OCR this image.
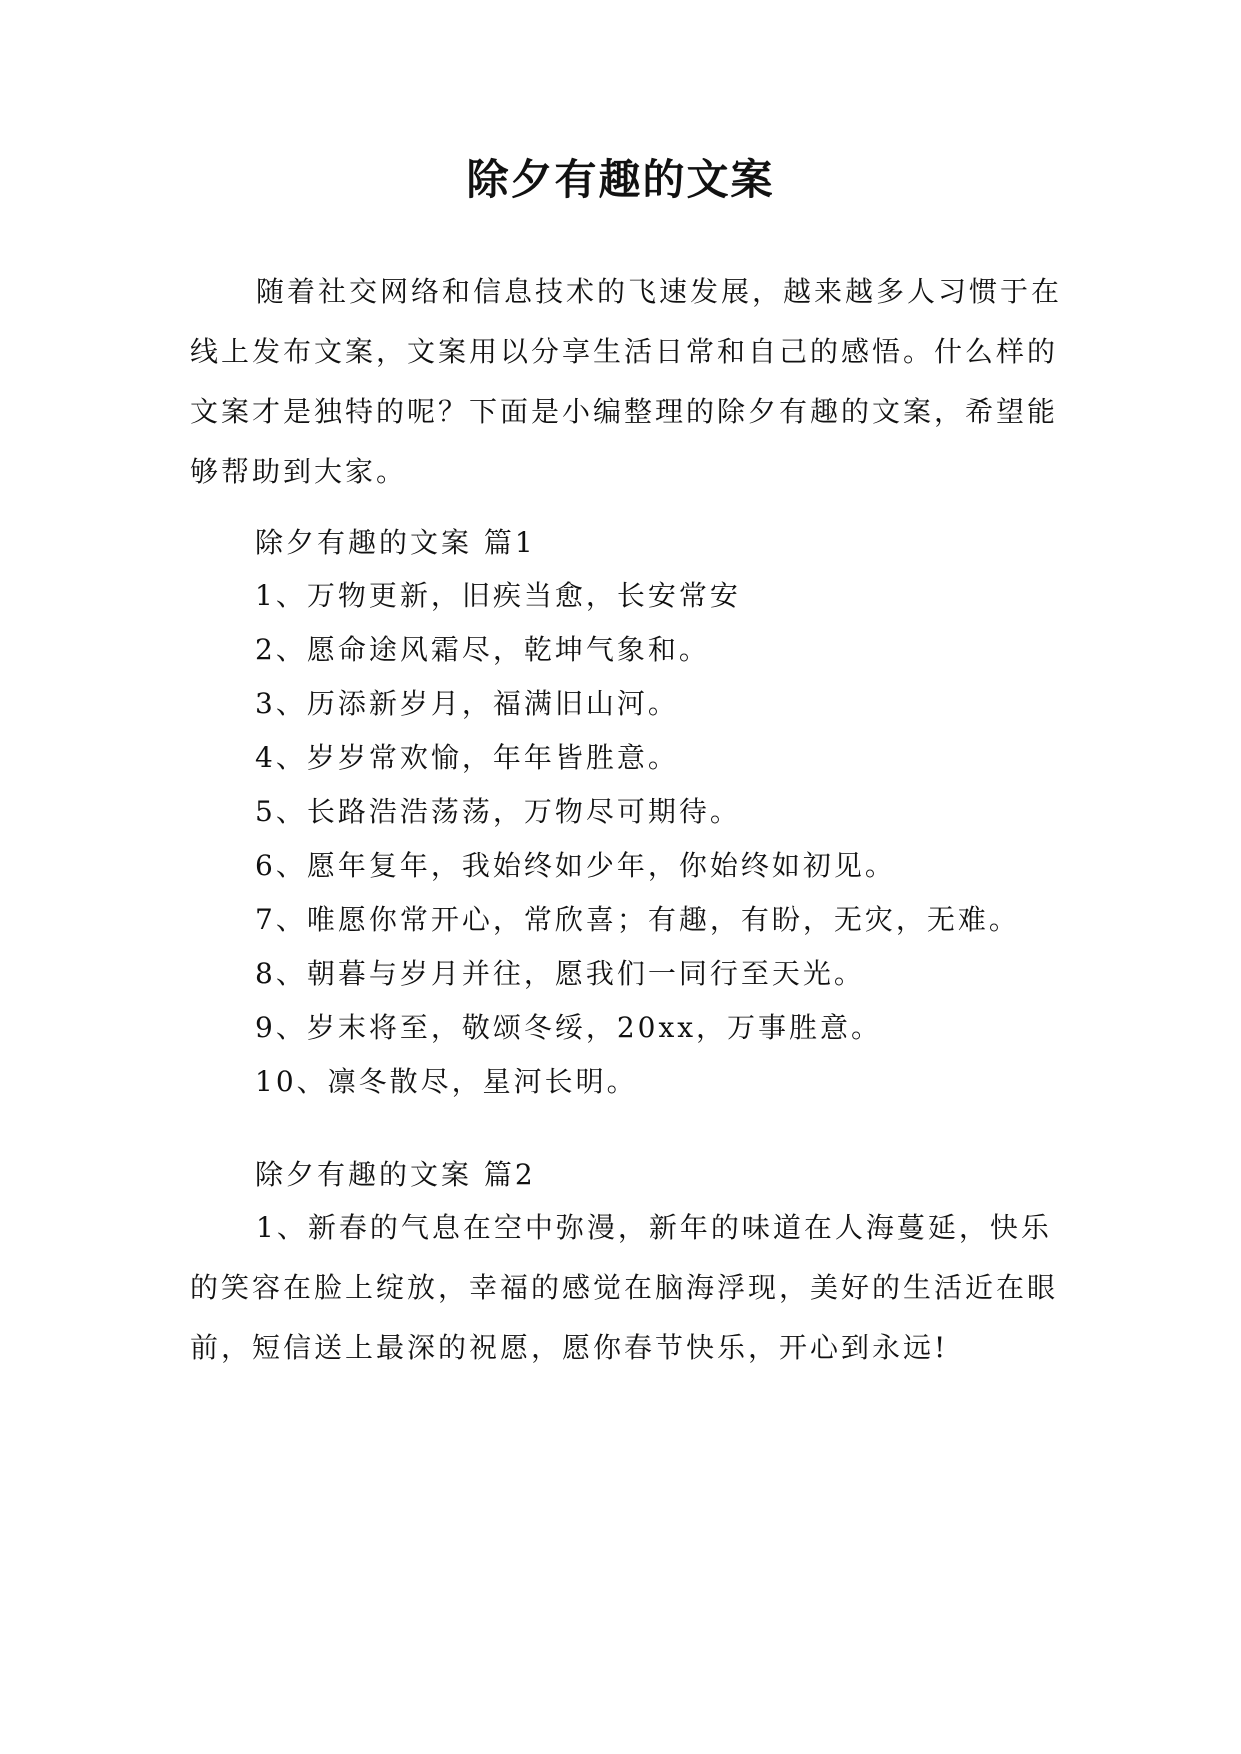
除夕有趣的文案

随着社交网络和信息技术的飞速发展，越来越多人习惯于在线上发布文案，文案用以分享生活日常和自己的感悟。什么样的文案才是独特的呢？下面是小编整理的除夕有趣的文案，希望能够帮助到大家。

除夕有趣的文案 篇1
1、万物更新，旧疾当愈，长安常安
2、愿命途风霜尽，乾坤气象和。
3、历添新岁月，福满旧山河。
4、岁岁常欢愉，年年皆胜意。
5、长路浩浩荡荡，万物尽可期待。
6、愿年复年，我始终如少年，你始终如初见。
7、唯愿你常开心，常欣喜；有趣，有盼，无灾，无难。
8、朝暮与岁月并往，愿我们一同行至天光。
9、岁末将至，敬颂冬绥，20xx，万事胜意。
10、凛冬散尽，星河长明。
除夕有趣的文案 篇2

1、新春的气息在空中弥漫，新年的味道在人海蔓延，快乐的笑容在脸上绽放，幸福的感觉在脑海浮现，美好的生活近在眼前，短信送上最深的祝愿，愿你春节快乐，开心到永远!
